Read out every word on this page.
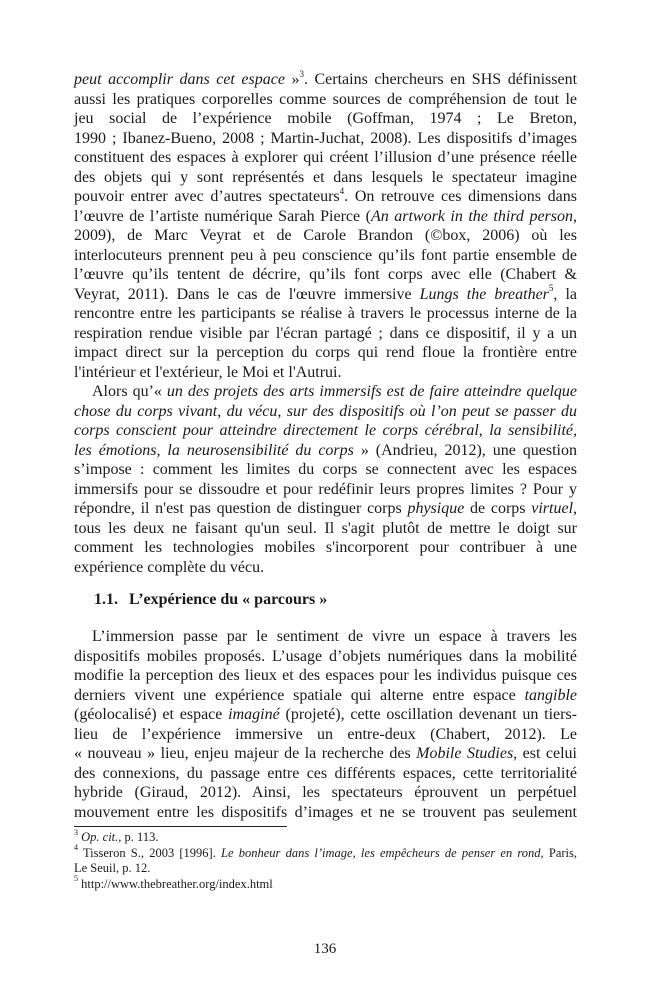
peut accomplir dans cet espace »$^3$. Certains chercheurs en SHS définissent
aussi les pratiques corporelles comme sources de compréhension de tout le
jeu social de l’expérience mobile (Goffman, 1974 ; Le Breton,
1990 ; Ibanez-Bueno, 2008 ; Martin-Juchat, 2008). Les dispositifs d’images
constituent des espaces à explorer qui créent l’illusion d’une présence réelle
des objets qui y sont représentés et dans lesquels le spectateur imagine
pouvoir entrer avec d’autres spectateurs$^4$. On retrouve ces dimensions dans
l’œuvre de l’artiste numérique Sarah Pierce (An artwork in the third person,
2009), de Marc Veyrat et de Carole Brandon (©box, 2006) où les
interlocuteurs prennent peu à peu conscience qu’ils font partie ensemble de
l’œuvre qu’ils tentent de décrire, qu’ils font corps avec elle (Chabert &
Veyrat, 2011). Dans le cas de l'œuvre immersive Lungs the breather$^5$, la
rencontre entre les participants se réalise à travers le processus interne de la
respiration rendue visible par l'écran partagé ; dans ce dispositif, il y a un
impact direct sur la perception du corps qui rend floue la frontière entre
l'intérieur et l'extérieur, le Moi et l'Autrui.
Alors qu’« un des projets des arts immersifs est de faire atteindre quelque
chose du corps vivant, du vécu, sur des dispositifs où l’on peut se passer du
corps conscient pour atteindre directement le corps cérébral, la sensibilité,
les émotions, la neurosensibilité du corps » (Andrieu, 2012), une question
s’impose : comment les limites du corps se connectent avec les espaces
immersifs pour se dissoudre et pour redéfinir leurs propres limites ? Pour y
répondre, il n'est pas question de distinguer corps physique de corps virtuel,
tous les deux ne faisant qu'un seul. Il s'agit plutôt de mettre le doigt sur
comment les technologies mobiles s'incorporent pour contribuer à une
expérience complète du vécu.
1.1. L’expérience du « parcours »
L’immersion passe par le sentiment de vivre un espace à travers les
dispositifs mobiles proposés. L’usage d’objets numériques dans la mobilité
modifie la perception des lieux et des espaces pour les individus puisque ces
derniers vivent une expérience spatiale qui alterne entre espace tangible
(géolocalisé) et espace imaginé (projeté), cette oscillation devenant un tiers-
lieu de l’expérience immersive un entre-deux (Chabert, 2012). Le
« nouveau » lieu, enjeu majeur de la recherche des Mobile Studies, est celui
des connexions, du passage entre ces différents espaces, cette territorialité
hybride (Giraud, 2012). Ainsi, les spectateurs éprouvent un perpétuel
mouvement entre les dispositifs d’images et ne se trouvent pas seulement
$^3$ Op. cit., p. 113.
$^4$ Tisseron S., 2003 [1996]. Le bonheur dans l’image, les empêcheurs de penser en rond, Paris,
Le Seuil, p. 12.
$^5$ http://www.thebreather.org/index.html
136
